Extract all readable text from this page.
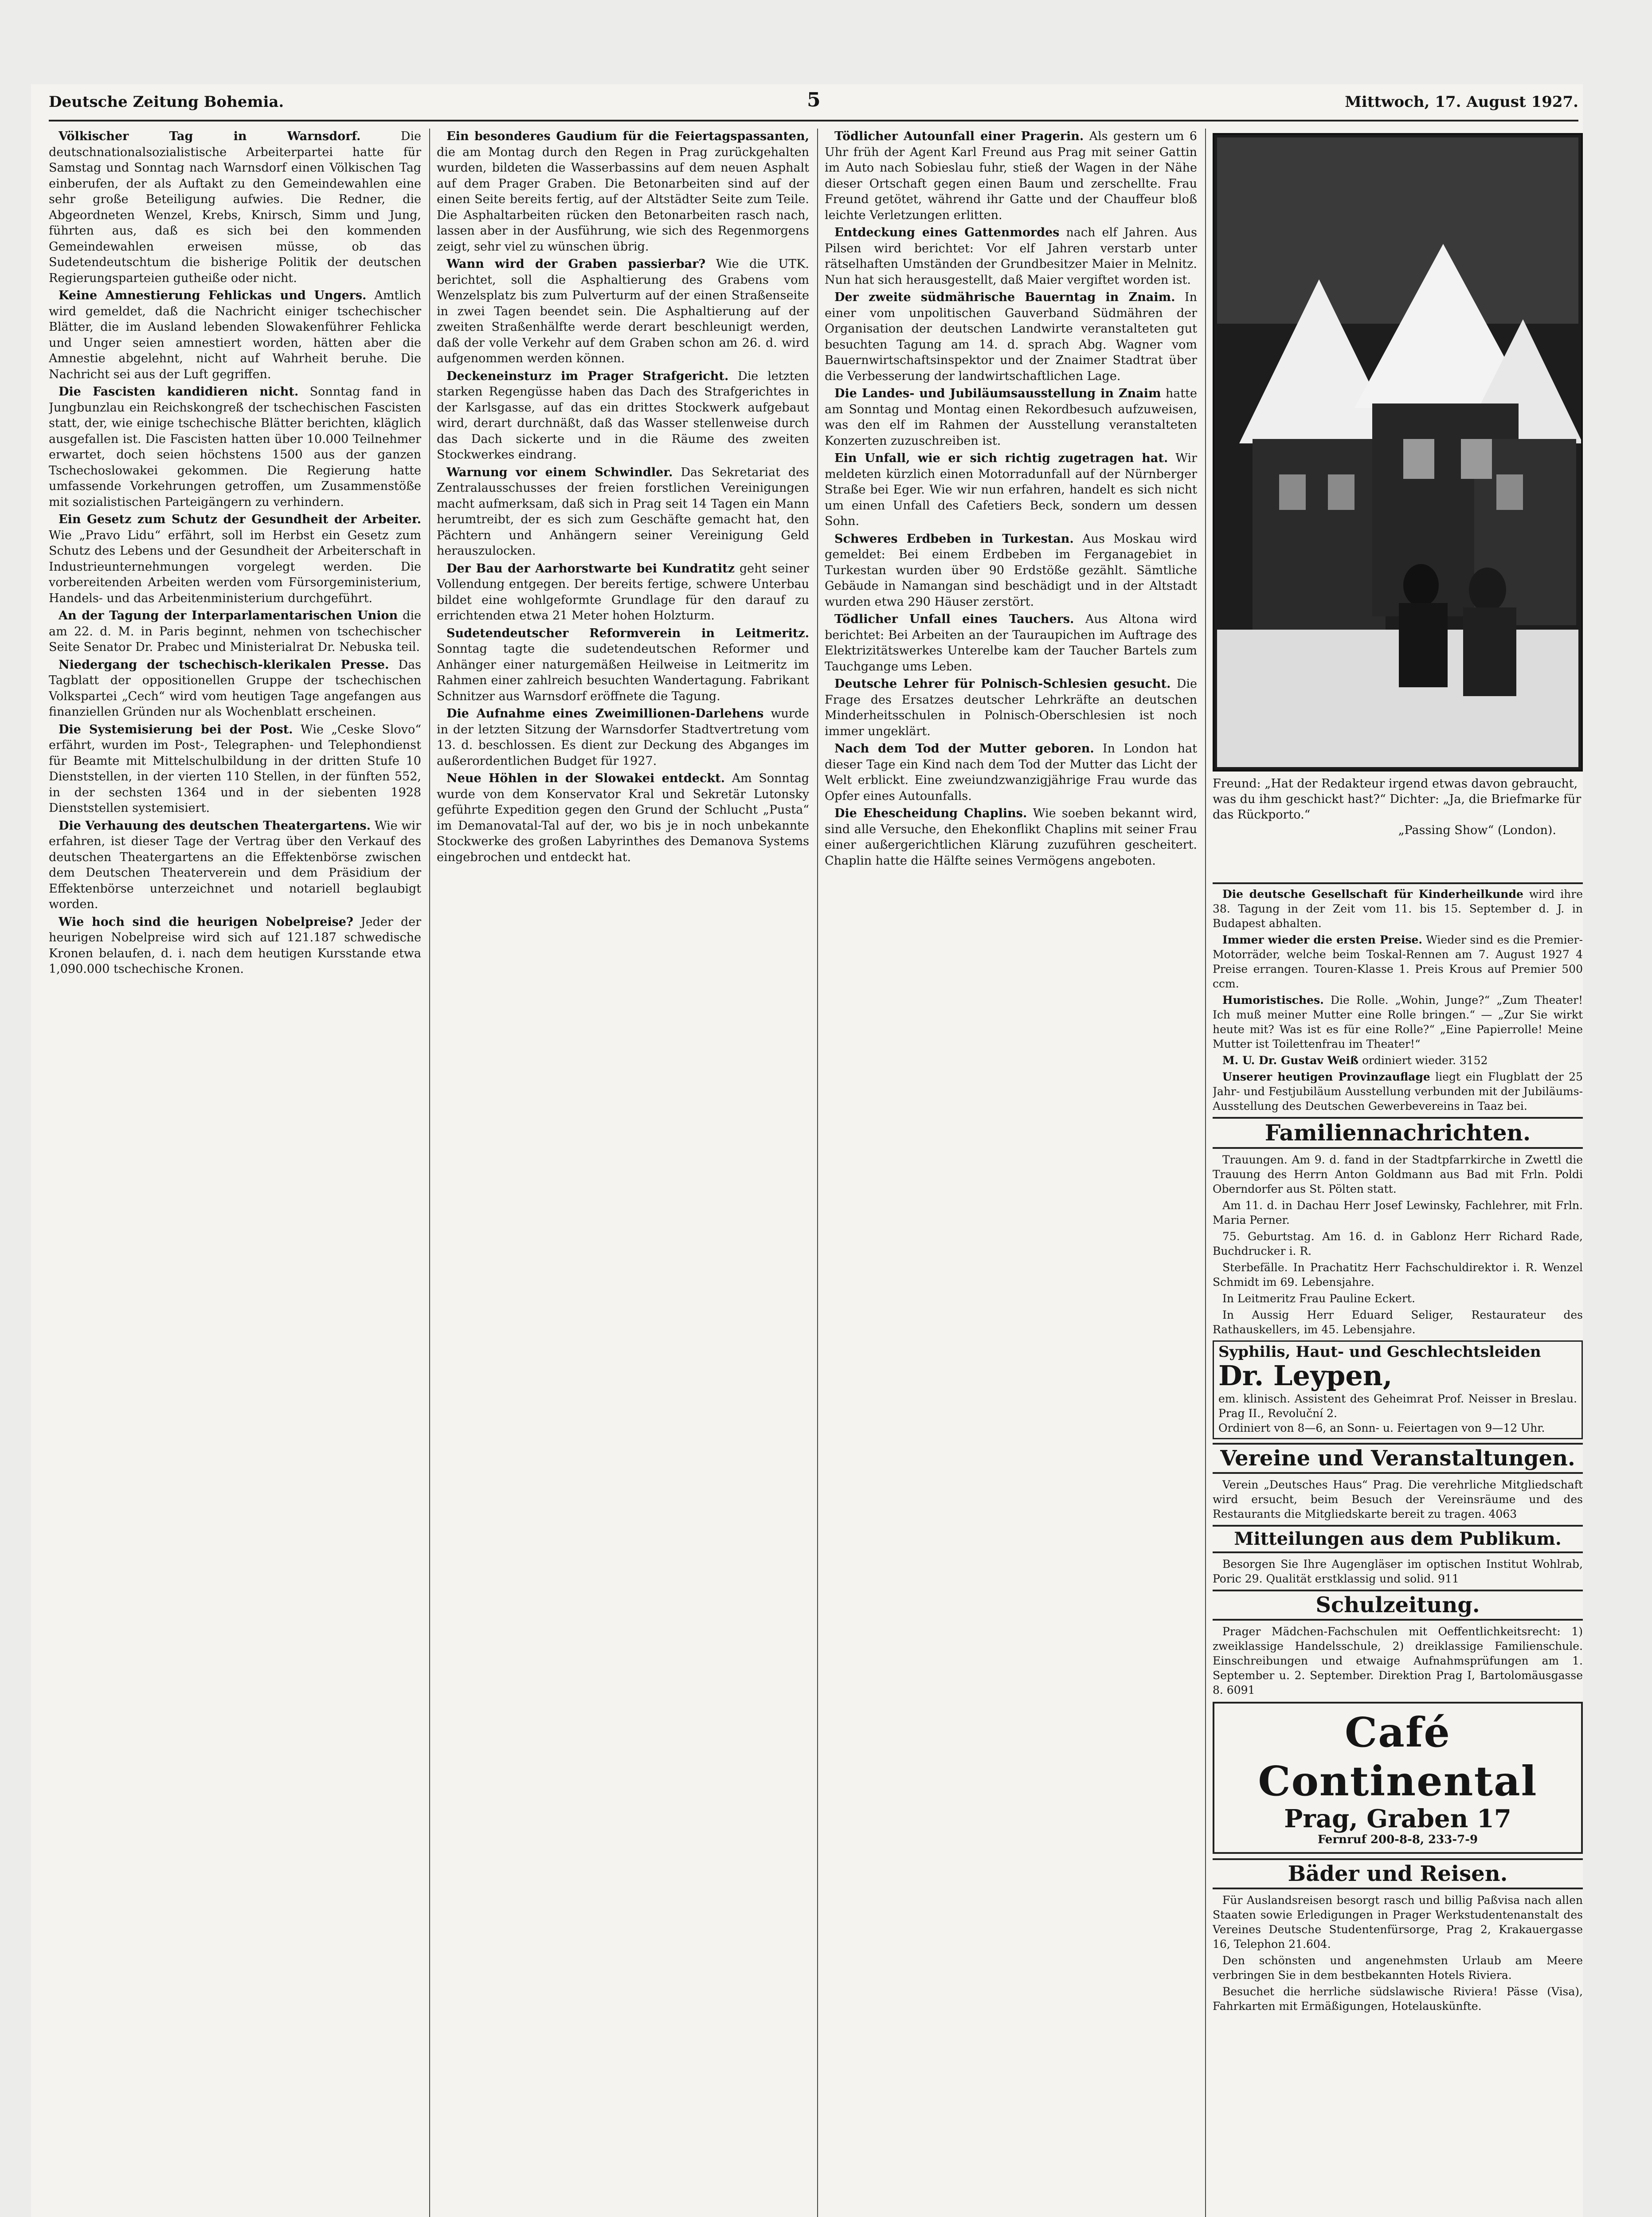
Deutsche Zeitung Bohemia.	5	Mittwoch, 17. August 1927.

Völkischer Tag in Warnsdorf.	Die deutschnationalsozialistische Arbeiterpartei hatte für Samstag und Sonntag nach Warnsdorf einen Völkischen Tag einberufen, der als Auftakt zu den Gemeindewahlen eine sehr große Beteiligung aufwies. Die Redner, die Abgeordneten Wenzel, Krebs, Knirsch, Simm und Jung, führten aus, daß es sich bei den kommenden Gemeindewahlen erweisen müsse, ob das Sudetendeutschtum die bisherige Politik der deutschen Regierungsparteien gutheiße oder nicht.

Keine Amnestierung Fehlickas und Ungers. Amtlich wird gemeldet, daß die Nachricht einiger tschechischer Blätter, die im Ausland lebenden Slowakenführer Fehlicka und Unger seien amnestiert worden, hätten aber die Amnestie abgelehnt, nicht auf Wahrheit beruhe. Die Nachricht sei aus der Luft gegriffen.

Die Fascisten kandidieren nicht. Sonntag fand in Jungbunzlau ein Reichskongreß der tschechischen Fascisten statt, der, wie einige tschechische Blätter berichten, kläglich ausgefallen ist. Die Fascisten hatten über 10.000 Teilnehmer erwartet, doch seien höchstens 1500 aus der ganzen Tschechoslowakei gekommen. Die Regierung hatte umfassende Vorkehrungen getroffen, um Zusammenstöße mit sozialistischen Parteigängern zu verhindern.

Ein Gesetz zum Schutz der Gesundheit der Arbeiter. Wie „Pravo Lidu“ erfährt, soll im Herbst ein Gesetz zum Schutz des Lebens und der Gesundheit der Arbeiterschaft in Industrieunternehmungen vorgelegt werden. Die vorbereitenden Arbeiten werden vom Fürsorgeministerium, Handels- und das Arbeitenministerium durchgeführt.

An der Tagung der Interparlamentarischen Union die am 22. d. M. in Paris beginnt, nehmen von tschechischer Seite Senator Dr. Prabec und Ministerialrat Dr. Nebuska teil.

Niedergang der tschechisch-klerikalen Presse. Das Tagblatt der oppositionellen Gruppe der tschechischen Volkspartei „Cech“ wird vom heutigen Tage angefangen aus finanziellen Gründen nur als Wochenblatt erscheinen.

Die Systemisierung bei der Post. Wie „Ceske Slovo“ erfährt, wurden im Post-, Telegraphen- und Telephondienst für Beamte mit Mittelschulbildung in der dritten Stufe 10 Dienststellen, in der vierten 110 Stellen, in der fünften 552, in der sechsten 1364 und in der siebenten 1928 Dienststellen systemisiert.

Die Verhauung des deutschen Theatergartens. Wie wir erfahren, ist dieser Tage der Vertrag über den Verkauf des deutschen Theatergartens an die Effektenbörse zwischen dem Deutschen Theaterverein und dem Präsidium der Effektenbörse unterzeichnet und notariell beglaubigt worden.

Wie hoch sind die heurigen Nobelpreise? Jeder der heurigen Nobelpreise wird sich auf 121.187 schwedische Kronen belaufen, d. i. nach dem heutigen Kursstande etwa 1,090.000 tschechische Kronen.

Ein besonderes Gaudium für die Feiertagspassanten, die am Montag durch den Regen in Prag zurückgehalten wurden, bildeten die Wasserbassins auf dem neuen Asphalt auf dem Prager Graben. Die Betonarbeiten sind auf der einen Seite bereits fertig, auf der Altstädter Seite zum Teile. Die Asphaltarbeiten rücken den Betonarbeiten rasch nach, lassen aber in der Ausführung, wie sich des Regenmorgens zeigt, sehr viel zu wünschen übrig.

Wann wird der Graben passierbar? Wie die UTK. berichtet, soll die Asphaltierung des Grabens vom Wenzelsplatz bis zum Pulverturm auf der einen Straßenseite in zwei Tagen beendet sein. Die Asphaltierung auf der zweiten Straßenhälfte werde derart beschleunigt werden, daß der volle Verkehr auf dem Graben schon am 26. d. wird aufgenommen werden können.

Deckeneinsturz im Prager Strafgericht. Die letzten starken Regengüsse haben das Dach des Strafgerichtes in der Karlsgasse, auf das ein drittes Stockwerk aufgebaut wird, derart durchnäßt, daß das Wasser stellenweise durch das Dach sickerte und in die Räume des zweiten Stockwerkes eindrang.

Warnung vor einem Schwindler. Das Sekretariat des Zentralausschusses der freien forstlichen Vereinigungen macht aufmerksam, daß sich in Prag seit 14 Tagen ein Mann herumtreibt, der es sich zum Geschäfte gemacht hat, den Pächtern und Anhängern seiner Vereinigung Geld herauszulocken.

Der Bau der Aarhorstwarte bei Kundratitz geht seiner Vollendung entgegen. Der bereits fertige, schwere Unterbau bildet eine wohlgeformte Grundlage für den darauf zu errichtenden etwa 21 Meter hohen Holzturm.

Sudetendeutscher Reformverein in Leitmeritz. Sonntag tagte die sudetendeutschen Reformer und Anhänger einer naturgemäßen Heilweise in Leitmeritz im Rahmen einer zahlreich besuchten Wandertagung. Fabrikant Schnitzer aus Warnsdorf eröffnete die Tagung.

Die Aufnahme eines Zweimillionen-Darlehens wurde in der letzten Sitzung der Warnsdorfer Stadtvertretung vom 13. d. beschlossen. Es dient zur Deckung des Abganges im außerordentlichen Budget für 1927.

Neue Höhlen in der Slowakei entdeckt. Am Sonntag wurde von dem Konservator Kral und Sekretär Lutonsky geführte Expedition gegen den Grund der Schlucht „Pusta“ im Demanovatal-Tal auf der, wo bis je in noch unbekannte Stockwerke des großen Labyrinthes des Demanova Systems eingebrochen und entdeckt hat.

Tödlicher Autounfall einer Pragerin. Als gestern um 6 Uhr früh der Agent Karl Freund aus Prag mit seiner Gattin im Auto nach Sobieslau fuhr, stieß der Wagen in der Nähe dieser Ortschaft gegen einen Baum und zerschellte. Frau Freund getötet, während ihr Gatte und der Chauffeur bloß leichte Verletzungen erlitten.

Entdeckung eines Gattenmordes nach elf Jahren. Aus Pilsen wird berichtet: Vor elf Jahren verstarb unter rätselhaften Umständen der Grundbesitzer Maier in Melnitz. Nun hat sich herausgestellt, daß Maier vergiftet worden ist.

Der zweite südmährische Bauerntag in Znaim. In einer vom unpolitischen Gauverband Südmähren der Organisation der deutschen Landwirte veranstalteten gut besuchten Tagung am 14. d. sprach Abg. Wagner vom Bauernwirtschaftsinspektor und der Znaimer Stadtrat über die Verbesserung der landwirtschaftlichen Lage.

Die Landes- und Jubiläumsausstellung in Znaim hatte am Sonntag und Montag einen Rekordbesuch aufzuweisen, was den elf im Rahmen der Ausstellung veranstalteten Konzerten zuzuschreiben ist.

Ein Unfall, wie er sich richtig zugetragen hat. Wir meldeten kürzlich einen Motorradunfall auf der Nürnberger Straße bei Eger. Wie wir nun erfahren, handelt es sich nicht um einen Unfall des Cafetiers Beck, sondern um dessen Sohn.

Schweres Erdbeben in Turkestan. Aus Moskau wird gemeldet: Bei einem Erdbeben im Ferganagebiet in Turkestan wurden über 90 Erdstöße gezählt. Sämtliche Gebäude in Namangan sind beschädigt und in der Altstadt wurden etwa 290 Häuser zerstört.

Tödlicher Unfall eines Tauchers. Aus Altona wird berichtet: Bei Arbeiten an der Tauraupichen im Auftrage des Elektrizitätswerkes Unterelbe kam der Taucher Bartels zum Tauchgange ums Leben.

Deutsche Lehrer für Polnisch-Schlesien gesucht. Die Frage des Ersatzes deutscher Lehrkräfte an deutschen Minderheitsschulen in Polnisch-Oberschlesien ist noch immer ungeklärt.

Nach dem Tod der Mutter geboren. In London hat dieser Tage ein Kind nach dem Tod der Mutter das Licht der Welt erblickt. Eine zweiundzwanzigjährige Frau wurde das Opfer eines Autounfalls.

Die Ehescheidung Chaplins. Wie soeben bekannt wird, sind alle Versuche, den Ehekonflikt Chaplins mit seiner Frau einer außergerichtlichen Klärung zuzuführen gescheitert. Chaplin hatte die Hälfte seines Vermögens angeboten.

Freund: „Hat der Redakteur irgend etwas davon gebraucht, was du ihm geschickt hast?“ Dichter: „Ja, die Briefmarke für das Rückporto.“
„Passing Show“ (London).

Die deutsche Gesellschaft für Kinderheilkunde wird ihre 38. Tagung in der Zeit vom 11. bis 15. September d. J. in Budapest abhalten.

Immer wieder die ersten Preise. Wieder sind es die Premier-Motorräder, welche beim Toskal-Rennen am 7. August 1927 4 Preise errangen. Touren-Klasse 1. Preis Krous auf Premier 500 ccm.

Humoristisches. Die Rolle. „Wohin, Junge?“ „Zum Theater! Ich muß meiner Mutter eine Rolle bringen.“ — „Zur Sie wirkt heute mit? Was ist es für eine Rolle?“ „Eine Papierrolle! Meine Mutter ist Toilettenfrau im Theater!“

M. U. Dr. Gustav Weiß ordiniert wieder. 3152

Unserer heutigen Provinzauflage liegt ein Flugblatt der 25 Jahr- und Festjubiläum Ausstellung verbunden mit der Jubiläums-Ausstellung des Deutschen Gewerbevereins in Taaz bei.

Familiennachrichten.

Trauungen. Am 9. d. fand in der Stadtpfarrkirche in Zwettl die Trauung des Herrn Anton Goldmann aus Bad mit Frln. Poldi Oberndorfer aus St. Pölten statt.

Am 11. d. in Dachau Herr Josef Lewinsky, Fachlehrer, mit Frln. Maria Perner.

75. Geburtstag. Am 16. d. in Gablonz Herr Richard Rade, Buchdrucker i. R.

Sterbefälle. In Prachatitz Herr Fachschuldirektor i. R. Wenzel Schmidt im 69. Lebensjahre.

In Leitmeritz Frau Pauline Eckert.

In Aussig Herr Eduard Seliger, Restaurateur des Rathauskellers, im 45. Lebensjahre.

Syphilis, Haut- und Geschlechtsleiden
Dr. Leypen,
em. klinisch. Assistent des Geheimrat Prof. Neisser in Breslau. Prag II., Revoluční 2.
Ordiniert von 8—6, an Sonn- u. Feiertagen von 9—12 Uhr.
Vereine und Veranstaltungen.

Verein „Deutsches Haus“ Prag. Die verehrliche Mitgliedschaft wird ersucht, beim Besuch der Vereinsräume und des Restaurants die Mitgliedskarte bereit zu tragen. 4063

Mitteilungen aus dem Publikum.

Besorgen Sie Ihre Augengläser im optischen Institut Wohlrab, Poric 29. Qualität erstklassig und solid. 911

Schulzeitung.

Prager Mädchen-Fachschulen mit Oeffentlichkeitsrecht: 1) zweiklassige Handelsschule, 2) dreiklassige Familienschule. Einschreibungen und etwaige Aufnahmsprüfungen am 1. September u. 2. September. Direktion Prag I, Bartolomäusgasse 8. 6091

Café Continental
Prag, Graben 17
Fernruf 200-8-8, 233-7-9
Bäder und Reisen.

Für Auslandsreisen besorgt rasch und billig Paßvisa nach allen Staaten sowie Erledigungen in Prager Werkstudentenanstalt des Vereines Deutsche Studentenfürsorge, Prag 2, Krakauergasse 16, Telephon 21.604.

Den schönsten und angenehmsten Urlaub am Meere verbringen Sie in dem bestbekannten Hotels Riviera.

Besuchet die herrliche südslawische Riviera! Pässe (Visa), Fahrkarten mit Ermäßigungen, Hotelauskünfte.
